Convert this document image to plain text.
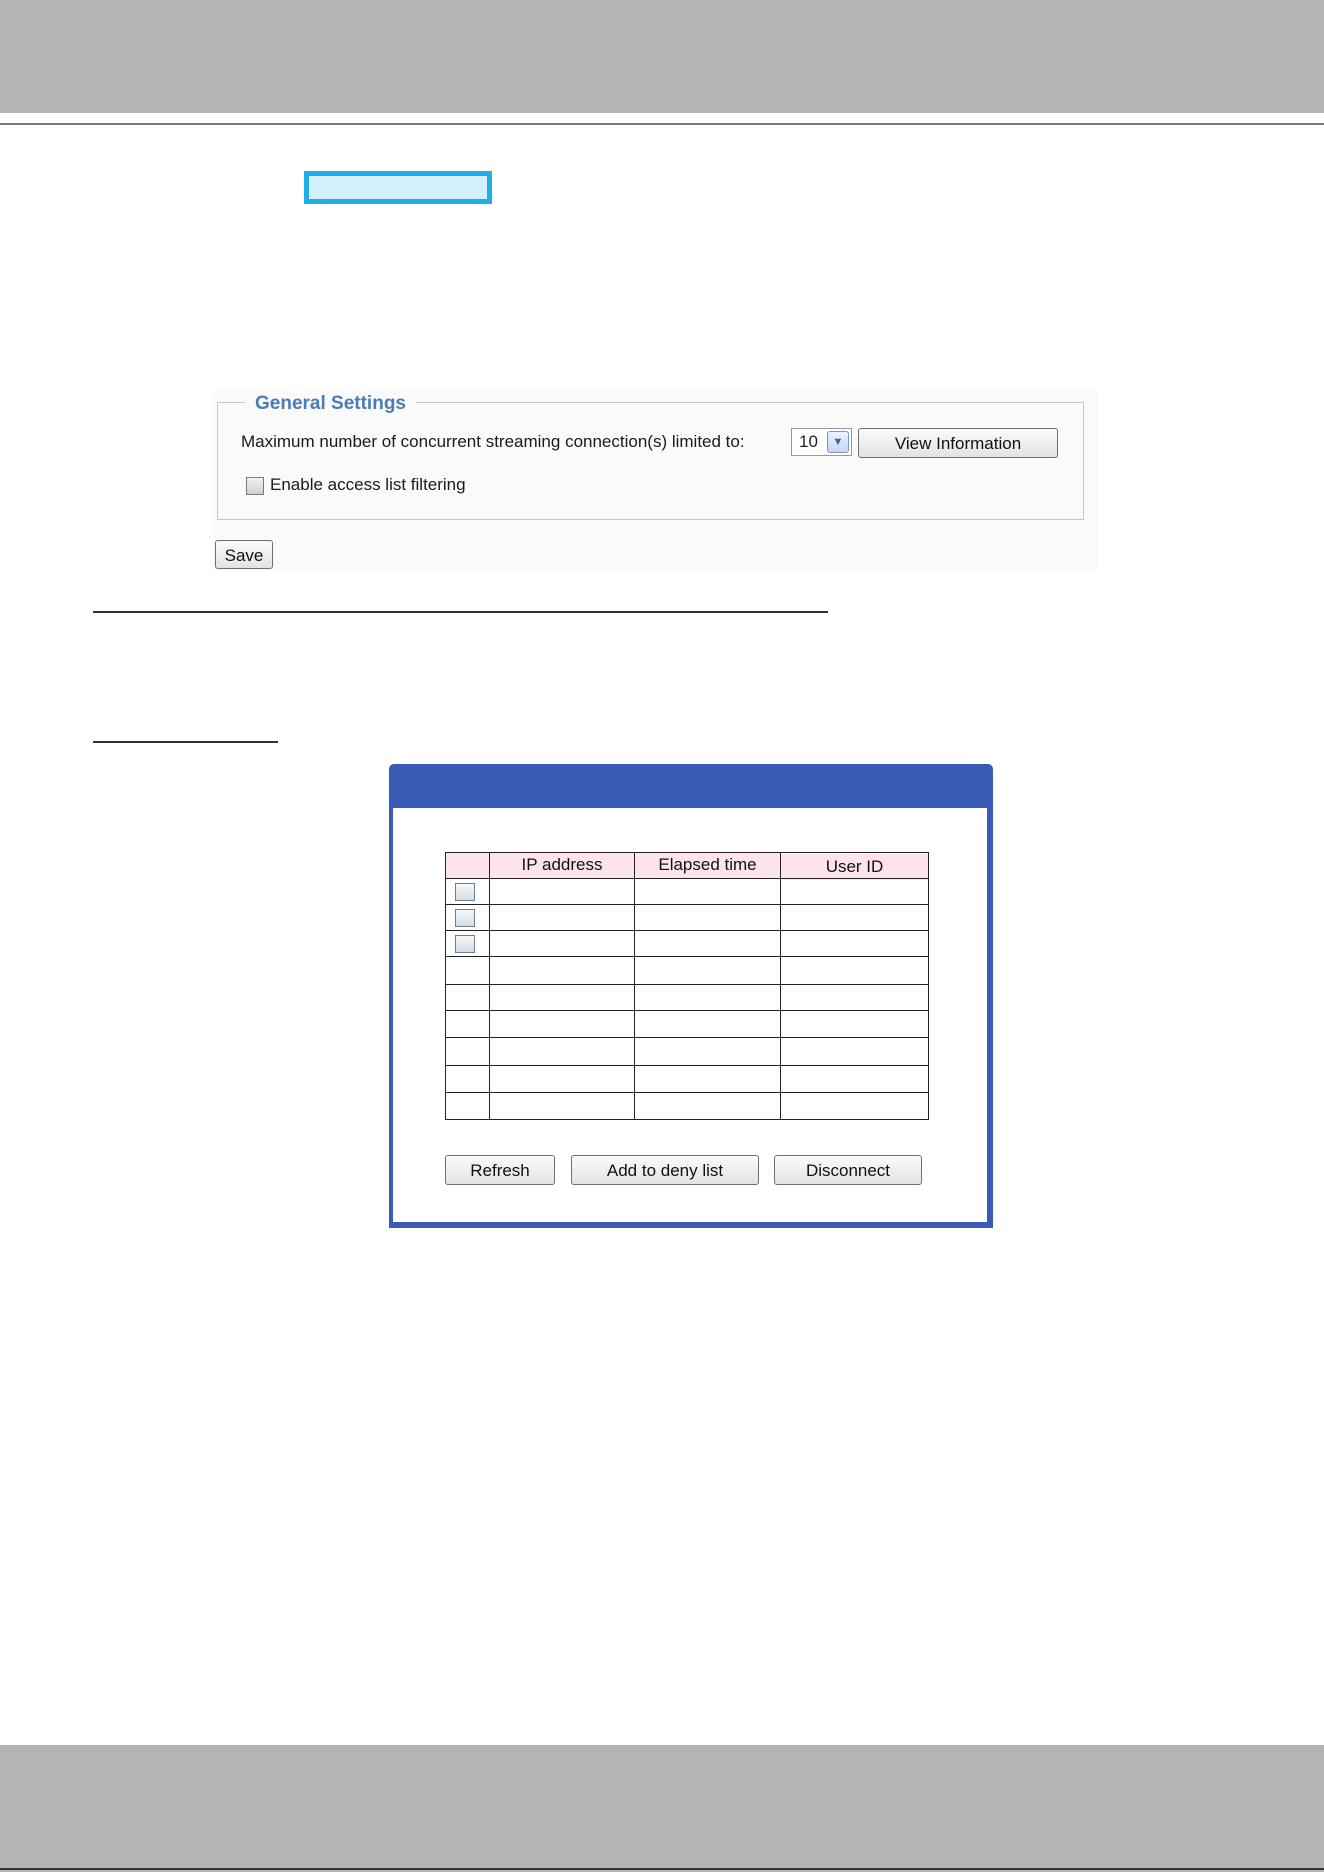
General Settings
Maximum number of concurrent streaming connection(s) limited to:	10	▼	View Information
Enable access list filtering
Save
IP address	Elapsed time	User ID
Refresh	Add to deny list	Disconnect
